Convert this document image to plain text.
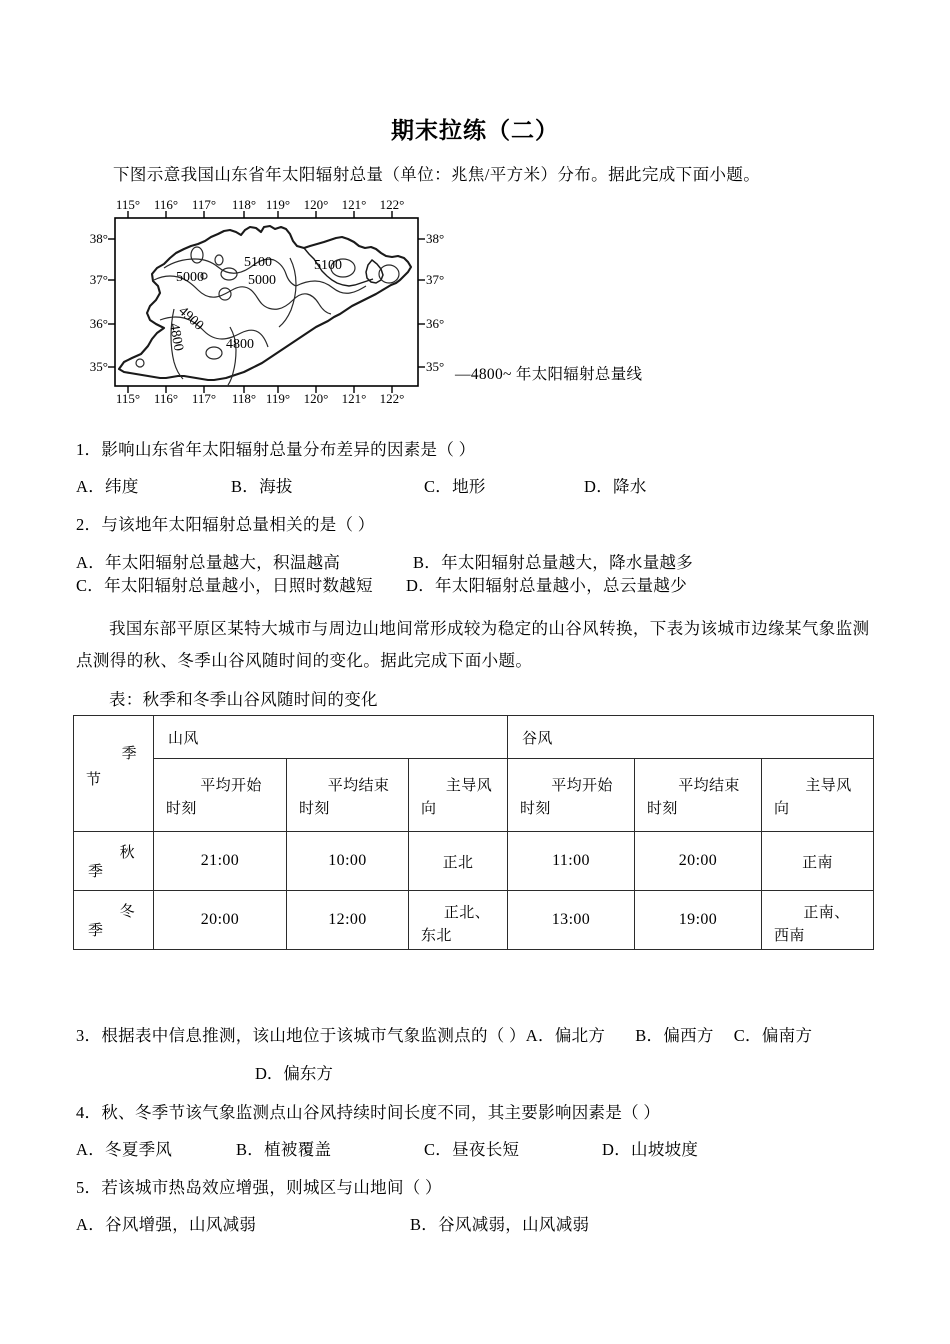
期末拉练（二）
下图示意我国山东省年太阳辐射总量（单位：兆焦/平方米）分布。据此完成下面小题。
115° 116° 117° 118° 119° 120° 121° 122°
115° 116° 117° 118° 119° 120° 121° 122°
38°
37°
36°
35°
38°
37°
36°
35°
5100
5000	5000
5100
4800
4900
4800
—4800~ 年太阳辐射总量线
1．影响山东省年太阳辐射总量分布差异的因素是（ ）
A．纬度	B．海拔	C．地形	D．降水
2．与该地年太阳辐射总量相关的是（ ）
A．年太阳辐射总量越大，积温越高	B．年太阳辐射总量越大，降水量越多
C．年太阳辐射总量越小，日照时数越短 D．年太阳辐射总量越小，总云量越少
我国东部平原区某特大城市与周边山地间常形成较为稳定的山谷风转换，下表为该城市边缘某气象监测点测得的秋、冬季山谷风随时间的变化。据此完成下面小题。
表：秋季和冬季山谷风随时间的变化
季
节	山风			谷风		

	平均开始
时刻	平均结束
时刻	主导风
向	平均开始
时刻	平均结束
时刻	主导风
向

秋
季	21:00	10:00	正北	11:00	20:00	正南

冬
季	20:00	12:00	正北、
东北	13:00	19:00	正南、
西南
3．根据表中信息推测，该山地位于该城市气象监测点的（ ）A．偏北方 B．偏西方 C．偏南方
D．偏东方
4．秋、冬季节该气象监测点山谷风持续时间长度不同，其主要影响因素是（ ）
A．冬夏季风	B．植被覆盖	C．昼夜长短	D．山坡坡度
5．若该城市热岛效应增强，则城区与山地间（ ）
A．谷风增强，山风减弱	B．谷风减弱，山风减弱
